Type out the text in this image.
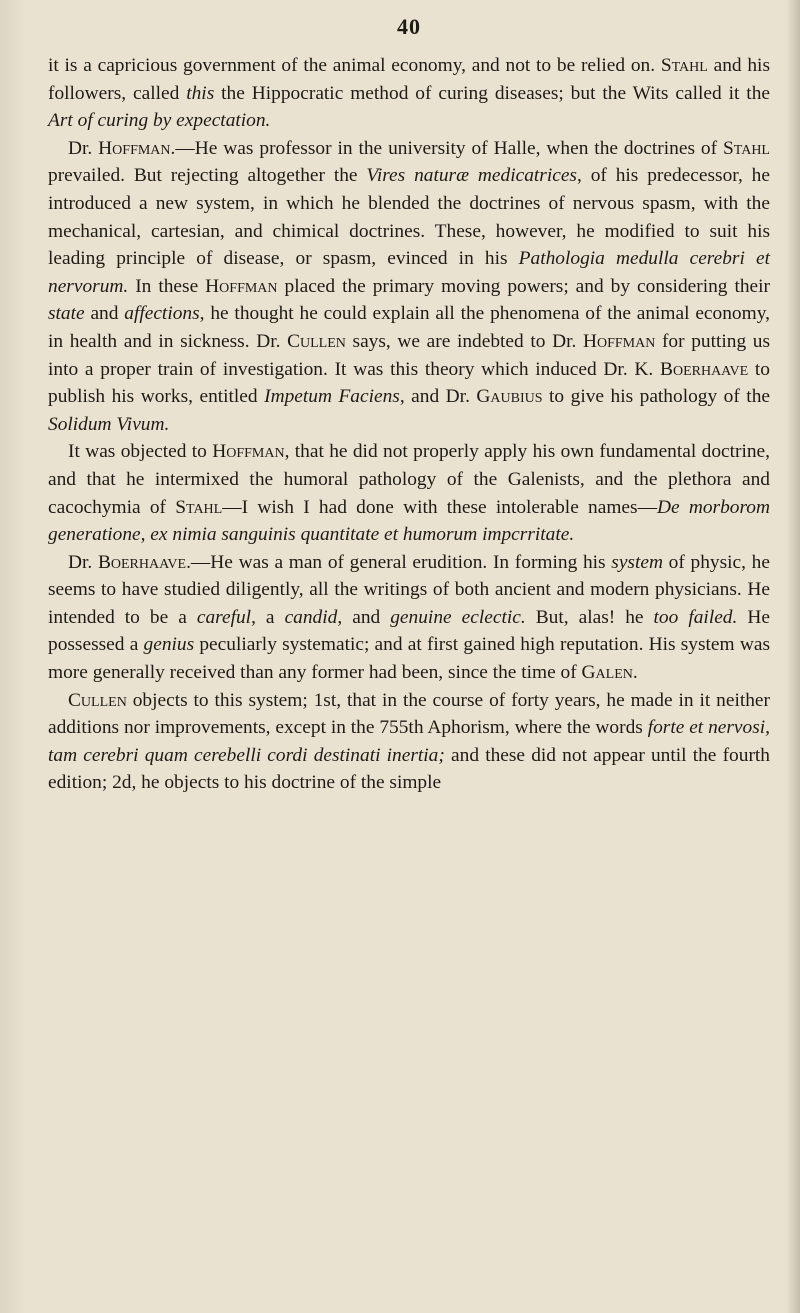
40

it is a capricious government of the animal economy, and not to be relied on. Stahl and his followers, called this the Hippocratic method of curing diseases; but the Wits called it the Art of curing by expectation.

Dr. Hoffman.—He was professor in the university of Halle, when the doctrines of Stahl prevailed. But rejecting altogether the Vires naturæ medicatrices, of his predecessor, he introduced a new system, in which he blended the doctrines of nervous spasm, with the mechanical, cartesian, and chimical doctrines. These, however, he modified to suit his leading principle of disease, or spasm, evinced in his Pathologia medulla cerebri et nervorum. In these Hoffman placed the primary moving powers; and by considering their state and affections, he thought he could explain all the phenomena of the animal economy, in health and in sickness. Dr. Cullen says, we are indebted to Dr. Hoffman for putting us into a proper train of investigation. It was this theory which induced Dr. K. Boerhaave to publish his works, entitled Impetum Faciens, and Dr. Gaubius to give his pathology of the Solidum Vivum.

It was objected to Hoffman, that he did not properly apply his own fundamental doctrine, and that he intermixed the humoral pathology of the Galenists, and the plethora and cacochymia of Stahl—I wish I had done with these intolerable names—De morborom generatione, ex nimia sanguinis quantitate et humorum impcrritate.

Dr. Boerhaave.—He was a man of general erudition. In forming his system of physic, he seems to have studied diligently, all the writings of both ancient and modern physicians. He intended to be a careful, a candid, and genuine eclectic. But, alas! he too failed. He possessed a genius peculiarly systematic; and at first gained high reputation. His system was more generally received than any former had been, since the time of Galen.

Cullen objects to this system; 1st, that in the course of forty years, he made in it neither additions nor improvements, except in the 755th Aphorism, where the words forte et nervosi, tam cerebri quam cerebelli cordi destinati inertia; and these did not appear until the fourth edition; 2d, he objects to his doctrine of the simple
